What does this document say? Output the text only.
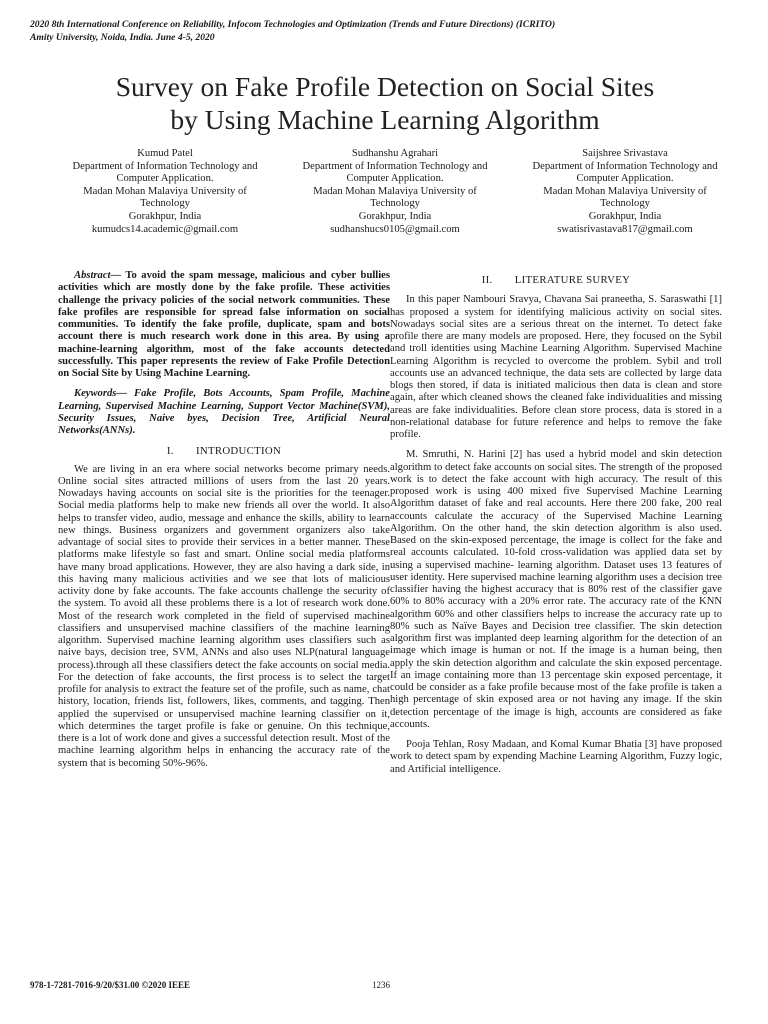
2020 8th International Conference on Reliability, Infocom Technologies and Optimization (Trends and Future Directions) (ICRITO)
Amity University, Noida, India. June 4-5, 2020
Survey on Fake Profile Detection on Social Sites
by Using Machine Learning Algorithm
Kumud Patel
Department of Information Technology and
Computer Application.
Madan Mohan Malaviya University of
Technology
Gorakhpur, India
kumudcs14.academic@gmail.com
Sudhanshu Agrahari
Department of Information Technology and
Computer Application.
Madan Mohan Malaviya University of
Technology
Gorakhpur, India
sudhanshucs0105@gmail.com
Saijshree Srivastava
Department of Information Technology and
Computer Application.
Madan Mohan Malaviya University of
Technology
Gorakhpur, India
swatisrivastava817@gmail.com

Abstract— To avoid the spam message, malicious and cyber bullies activities which are mostly done by the fake profile. These activities challenge the privacy policies of the social network communities. These fake profiles are responsible for spread false information on social communities. To identify the fake profile, duplicate, spam and bots account there is much research work done in this area. By using a machine-learning algorithm, most of the fake accounts detected successfully. This paper represents the review of Fake Profile Detection on Social Site by Using Machine Learning.

Keywords— Fake Profile, Bots Accounts, Spam Profile, Machine Learning, Supervised Machine Learning, Support Vector Machine(SVM), Security Issues, Naive byes, Decision Tree, Artificial Neural Networks(ANNs).

I.  INTRODUCTION

We are living in an era where social networks become primary needs. Online social sites attracted millions of users from the last 20 years. Nowadays having accounts on social site is the priorities for the teenager. Social media platforms help to make new friends all over the world. It also helps to transfer video, audio, message and enhance the skills, ability to learn new things. Business organizers and government organizers also take advantage of social sites to provide their services in a better manner. These platforms make lifestyle so fast and smart. Online social media platforms have many broad applications. However, they are also having a dark side, in this having many malicious activities and we see that lots of malicious activity done by fake accounts. The fake accounts challenge the security of the system. To avoid all these problems there is a lot of research work done. Most of the research work completed in the field of supervised machine classifiers and unsupervised machine classifiers of the machine learning algorithm. Supervised machine learning algorithm uses classifiers such as naive bays, decision tree, SVM, ANNs and also uses NLP(natural language process).through all these classifiers detect the fake accounts on social media. For the detection of fake accounts, the first process is to select the target profile for analysis to extract the feature set of the profile, such as name, chat history, location, friends list, followers, likes, comments, and tagging. Then applied the supervised or unsupervised machine learning classifier on it, which determines the target profile is fake or genuine. On this technique, there is a lot of work done and gives a successful detection result. Most of the machine learning algorithm helps in enhancing the accuracy rate of the system that is becoming 50%-96%.

II.  LITERATURE SURVEY

In this paper Nambouri Sravya, Chavana Sai praneetha, S. Saraswathi [1] has proposed a system for identifying malicious activity on social sites. Nowadays social sites are a serious threat on the internet. To detect fake profile there are many models are proposed. Here, they focused on the Sybil and troll identities using Machine Learning Algorithm. Supervised Machine Learning Algorithm is recycled to overcome the problem. Sybil and troll accounts use an advanced technique, the data sets are collected by large data blogs then stored, if data is initiated malicious then data is clean and store again, after which cleaned shows the cleaned fake individualities and missing areas are fake individualities. Before clean store process, data is stored in a non-relational database for future reference and helps to remove the fake profile.

M. Smruthi, N. Harini [2] has used a hybrid model and skin detection algorithm to detect fake accounts on social sites. The strength of the proposed work is to detect the fake account with high accuracy. The result of this proposed work is using 400 mixed five Supervised Machine Learning Algorithm dataset of fake and real accounts. Here there 200 fake, 200 real accounts calculate the accuracy of the Supervised Machine Learning Algorithm. On the other hand, the skin detection algorithm is also used. Based on the skin-exposed percentage, the image is collect for the fake and real accounts calculated. 10-fold cross-validation was applied data set by using a supervised machine- learning algorithm. Dataset uses 13 features of user identity. Here supervised machine learning algorithm uses a decision tree classifier having the highest accuracy that is 80% rest of the classifier gave 60% to 80% accuracy with a 20% error rate. The accuracy rate of the KNN algorithm 60% and other classifiers helps to increase the accuracy rate up to 80% such as Naïve Bayes and Decision tree classifier. The skin detection algorithm first was implanted deep learning algorithm for the detection of an image which image is human or not. If the image is a human being, then apply the skin detection algorithm and calculate the skin exposed percentage. If an image containing more than 13 percentage skin exposed percentage, it could be consider as a fake profile because most of the fake profile is taken a high percentage of skin exposed area or not having any image. If the skin detection percentage of the image is high, accounts are considered as fake accounts.

Pooja Tehlan, Rosy Madaan, and Komal Kumar Bhatia [3] have proposed work to detect spam by expending Machine Learning Algorithm, Fuzzy logic, and Artificial intelligence.

978-1-7281-7016-9/20/$31.00 ©2020 IEEE	1236
